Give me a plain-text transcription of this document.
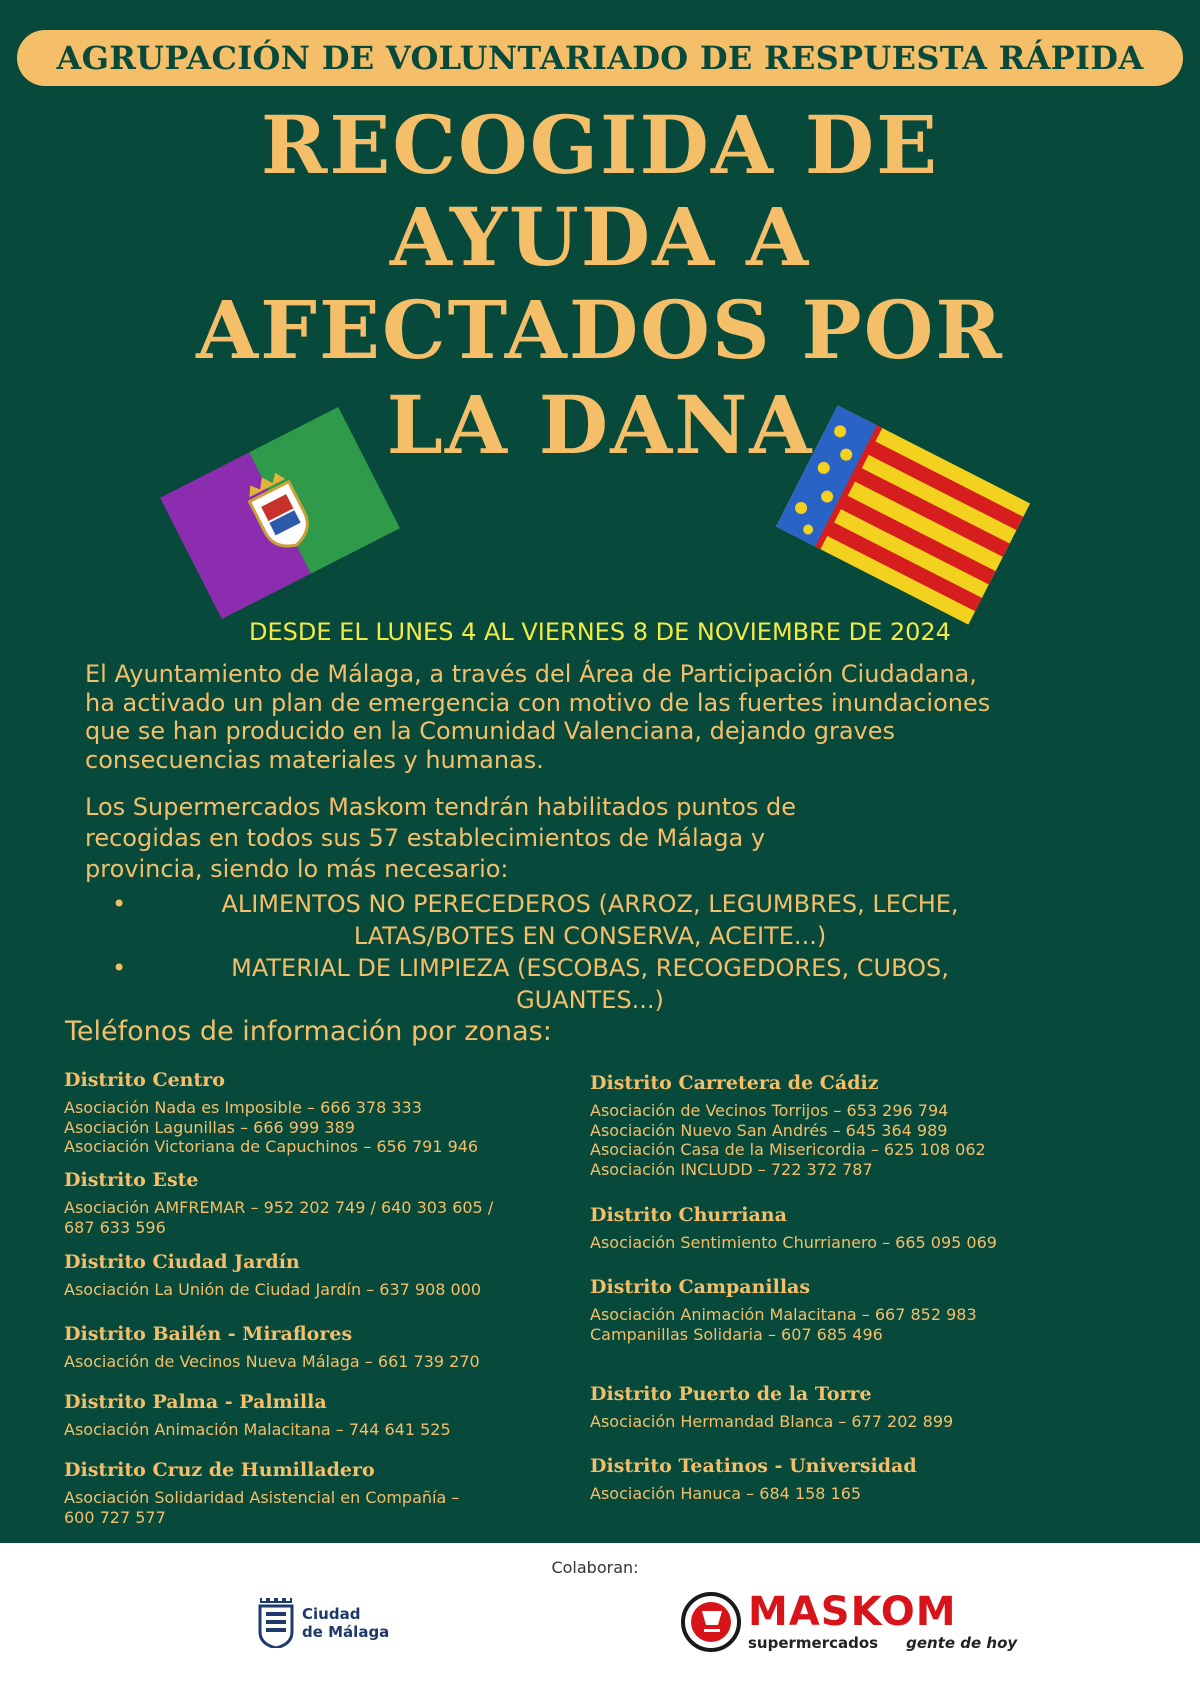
AGRUPACIÓN DE VOLUNTARIADO DE RESPUESTA RÁPIDA
RECOGIDA DE
AYUDA A
AFECTADOS POR
LA DANA
DESDE EL LUNES 4 AL VIERNES 8 DE NOVIEMBRE DE 2024
El Ayuntamiento de Málaga, a través del Área de Participación Ciudadana,
ha activado un plan de emergencia con motivo de las fuertes inundaciones
que se han producido en la Comunidad Valenciana, dejando graves
consecuencias materiales y humanas.
Los Supermercados Maskom tendrán habilitados puntos de
recogidas en todos sus 57 establecimientos de Málaga y
provincia, siendo lo más necesario:
•	ALIMENTOS NO PERECEDEROS (ARROZ, LEGUMBRES, LECHE,
LATAS/BOTES EN CONSERVA, ACEITE...)
•	MATERIAL DE LIMPIEZA (ESCOBAS, RECOGEDORES, CUBOS,
GUANTES...)
Teléfonos de información por zonas:
Distrito Centro
Asociación Nada es Imposible – 666 378 333
Asociación Lagunillas – 666 999 389
Asociación Victoriana de Capuchinos – 656 791 946
Distrito Este
Asociación AMFREMAR – 952 202 749 / 640 303 605 /
687 633 596
Distrito Ciudad Jardín
Asociación La Unión de Ciudad Jardín – 637 908 000
Distrito Bailén - Miraflores
Asociación de Vecinos Nueva Málaga – 661 739 270
Distrito Palma - Palmilla
Asociación Animación Malacitana – 744 641 525
Distrito Cruz de Humilladero
Asociación Solidaridad Asistencial en Compañía –
600 727 577
Distrito Carretera de Cádiz
Asociación de Vecinos Torrijos – 653 296 794
Asociación Nuevo San Andrés – 645 364 989
Asociación Casa de la Misericordia – 625 108 062
Asociación INCLUDD – 722 372 787
Distrito Churriana
Asociación Sentimiento Churrianero – 665 095 069
Distrito Campanillas
Asociación Animación Malacitana – 667 852 983
Campanillas Solidaria – 607 685 496
Distrito Puerto de la Torre
Asociación Hermandad Blanca – 677 202 899
Distrito Teatinos - Universidad
Asociación Hanuca – 684 158 165
Colaboran:
Ciudad
de Málaga	MASKOM
supermercados gente de hoy
